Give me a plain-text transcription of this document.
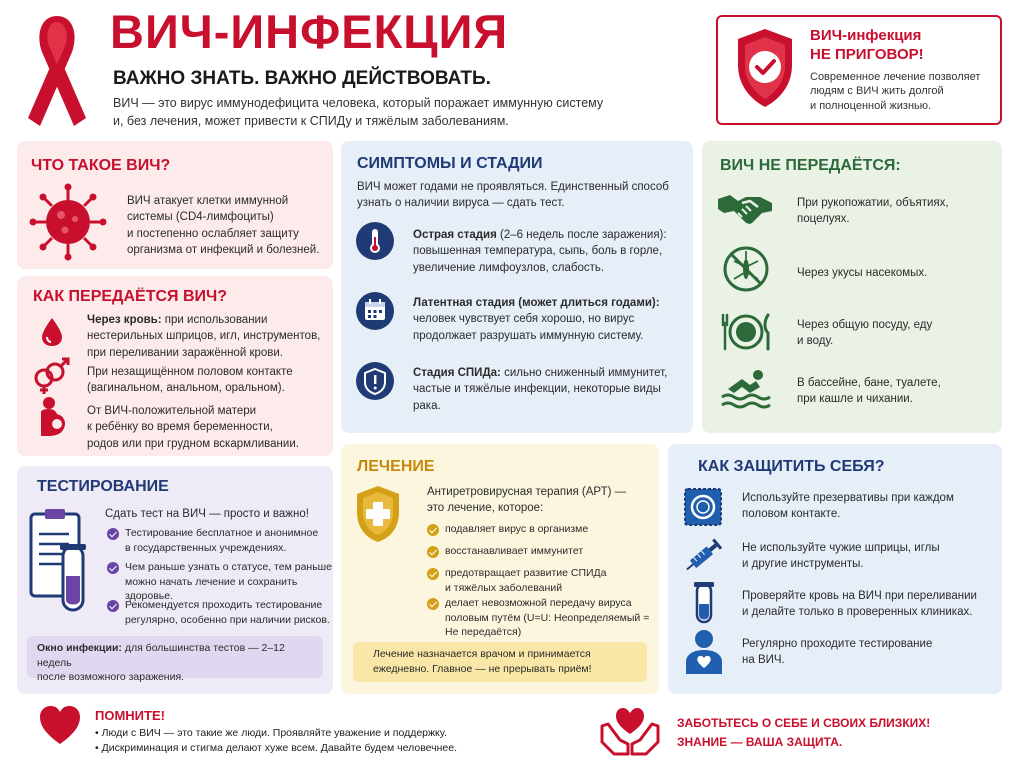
ВИЧ-ИНФЕКЦИЯ
ВАЖНО ЗНАТЬ. ВАЖНО ДЕЙСТВОВАТЬ.
ВИЧ — это вирус иммунодефицита человека, который поражает иммунную систему
и, без лечения, может привести к СПИДу и тяжёлым заболеваниям.
ВИЧ-инфекция
НЕ ПРИГОВОР!
Современное лечение позволяет
людям с ВИЧ жить долгой
и полноценной жизнью.
ЧТО ТАКОЕ ВИЧ?
ВИЧ атакует клетки иммунной
системы (CD4-лимфоциты)
и постепенно ослабляет защиту
организма от инфекций и болезней.
КАК ПЕРЕДАЁТСЯ ВИЧ?
Через кровь: при использовании
нестерильных шприцов, игл, инструментов,
при переливании заражённой крови.
При незащищённом половом контакте
(вагинальном, анальном, оральном).
От ВИЧ-положительной матери
к ребёнку во время беременности,
родов или при грудном вскармливании.
ТЕСТИРОВАНИЕ
Сдать тест на ВИЧ — просто и важно!
Тестирование бесплатное и анонимное
в государственных учреждениях.
Чем раньше узнать о статусе, тем раньше
можно начать лечение и сохранить здоровье.
Рекомендуется проходить тестирование
регулярно, особенно при наличии рисков.
Окно инфекции: для большинства тестов — 2–12 недель
после возможного заражения.
СИМПТОМЫ И СТАДИИ
ВИЧ может годами не проявляться. Единственный способ
узнать о наличии вируса — сдать тест.
Острая стадия (2–6 недель после заражения):
повышенная температура, сыпь, боль в горле,
увеличение лимфоузлов, слабость.
Латентная стадия (может длиться годами):
человек чувствует себя хорошо, но вирус
продолжает разрушать иммунную систему.
Стадия СПИДа: сильно сниженный иммунитет,
частые и тяжёлые инфекции, некоторые виды
рака.
ЛЕЧЕНИЕ
Антиретровирусная терапия (АРТ) —
это лечение, которое:
подавляет вирус в организме
восстанавливает иммунитет
предотвращает развитие СПИДа
и тяжёлых заболеваний
делает невозможной передачу вируса
половым путём (U=U: Неопределяемый =
Не передаётся)
Лечение назначается врачом и принимается
ежедневно. Главное — не прерывать приём!
ВИЧ НЕ ПЕРЕДАЁТСЯ:
При рукопожатии, объятиях,
поцелуях.
Через укусы насекомых.
Через общую посуду, еду
и воду.
В бассейне, бане, туалете,
при кашле и чихании.
КАК ЗАЩИТИТЬ СЕБЯ?
Используйте презервативы при каждом
половом контакте.
Не используйте чужие шприцы, иглы
и другие инструменты.
Проверяйте кровь на ВИЧ при переливании
и делайте только в проверенных клиниках.
Регулярно проходите тестирование
на ВИЧ.
ПОМНИТЕ!
• Люди с ВИЧ — это такие же люди. Проявляйте уважение и поддержку.
• Дискриминация и стигма делают хуже всем. Давайте будем человечнее.
ЗАБОТЬТЕСЬ О СЕБЕ И СВОИХ БЛИЗКИХ!
ЗНАНИЕ — ВАША ЗАЩИТА.
